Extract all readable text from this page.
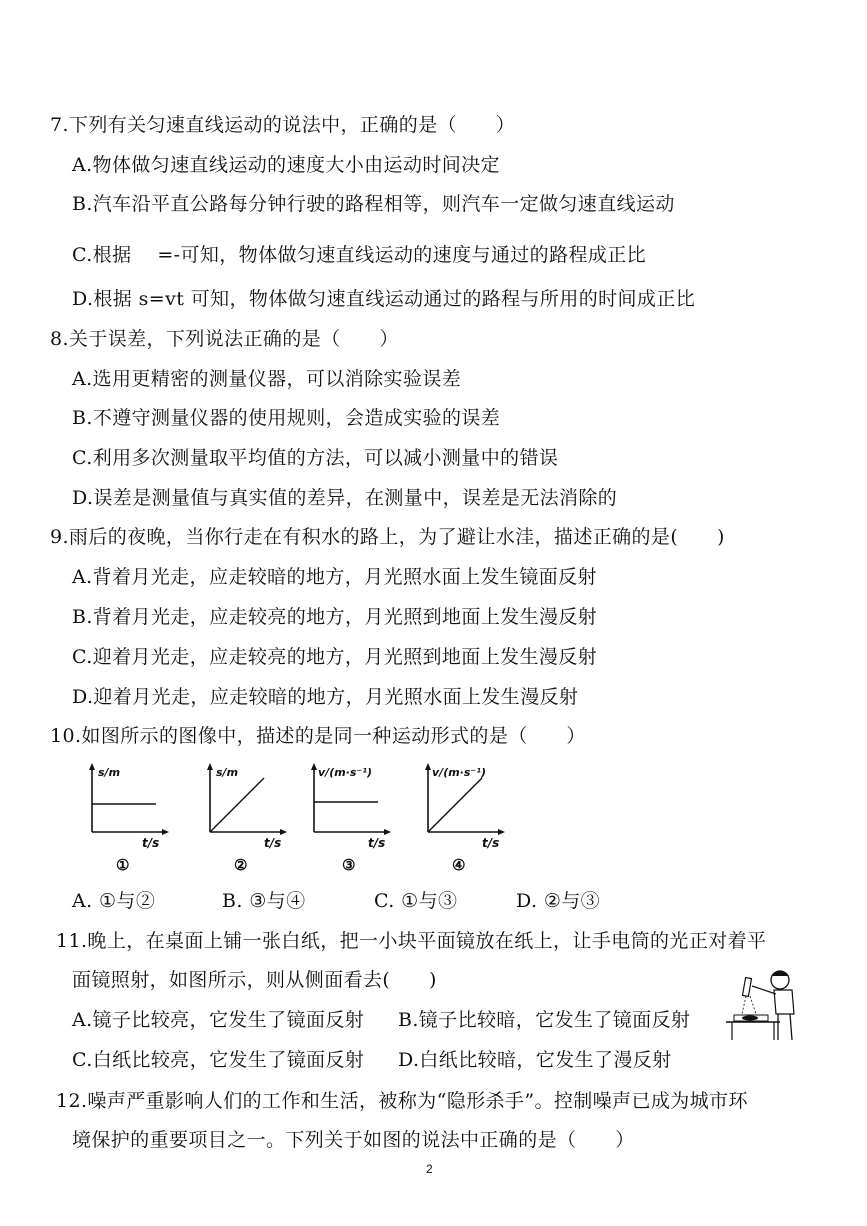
7.下列有关匀速直线运动的说法中，正确的是（　　）
A.物体做匀速直线运动的速度大小由运动时间决定
B.汽车沿平直公路每分钟行驶的路程相等，则汽车一定做匀速直线运动
C.根据　 =-可知，物体做匀速直线运动的速度与通过的路程成正比
D.根据 s=vt 可知，物体做匀速直线运动通过的路程与所用的时间成正比
8.关于误差，下列说法正确的是（　　）
A.选用更精密的测量仪器，可以消除实验误差
B.不遵守测量仪器的使用规则，会造成实验的误差
C.利用多次测量取平均值的方法，可以减小测量中的错误
D.误差是测量值与真实值的差异，在测量中，误差是无法消除的
9.雨后的夜晚，当你行走在有积水的路上，为了避让水洼，描述正确的是(　　)
A.背着月光走，应走较暗的地方，月光照水面上发生镜面反射
B.背着月光走，应走较亮的地方，月光照到地面上发生漫反射
C.迎着月光走，应走较亮的地方，月光照到地面上发生漫反射
D.迎着月光走，应走较暗的地方，月光照水面上发生漫反射
10.如图所示的图像中，描述的是同一种运动形式的是（　　）
s/m
t/s
①
s/m
t/s
②
v/(m·s⁻¹)
t/s
③
v/(m·s⁻¹)
t/s
④
A. ①与②	B. ③与④	C. ①与③	D. ②与③
11.晚上，在桌面上铺一张白纸，把一小块平面镜放在纸上，让手电筒的光正对着平
面镜照射，如图所示，则从侧面看去(　　)
A.镜子比较亮，它发生了镜面反射 B.镜子比较暗，它发生了镜面反射
C.白纸比较亮，它发生了镜面反射 D.白纸比较暗，它发生了漫反射
12.噪声严重影响人们的工作和生活，被称为“隐形杀手”。控制噪声已成为城市环
境保护的重要项目之一。下列关于如图的说法中正确的是（　　）
2
